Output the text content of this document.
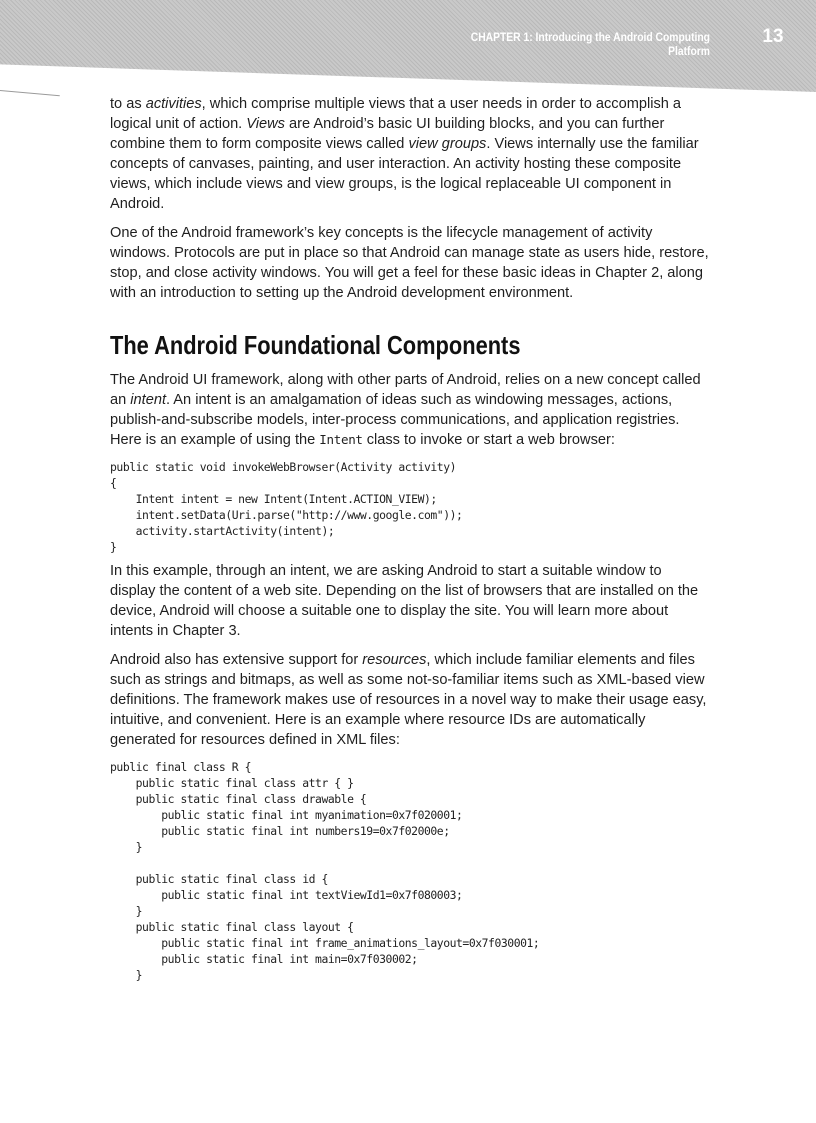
CHAPTER 1: Introducing the Android Computing Platform
13

to as activities, which comprise multiple views that a user needs in order to accomplish a logical unit of action. Views are Android’s basic UI building blocks, and you can further combine them to form composite views called view groups. Views internally use the familiar concepts of canvases, painting, and user interaction. An activity hosting these composite views, which include views and view groups, is the logical replaceable UI component in Android.

One of the Android framework’s key concepts is the lifecycle management of activity windows. Protocols are put in place so that Android can manage state as users hide, restore, stop, and close activity windows. You will get a feel for these basic ideas in Chapter 2, along with an introduction to setting up the Android development environment.

The Android Foundational Components

The Android UI framework, along with other parts of Android, relies on a new concept called an intent. An intent is an amalgamation of ideas such as windowing messages, actions, publish-and-subscribe models, inter-process communications, and application registries. Here is an example of using the Intent class to invoke or start a web browser:

public static void invokeWebBrowser(Activity activity)
{
Intent intent = new Intent(Intent.ACTION_VIEW);
intent.setData(Uri.parse("http://www.google.com"));
activity.startActivity(intent);
}

In this example, through an intent, we are asking Android to start a suitable window to display the content of a web site. Depending on the list of browsers that are installed on the device, Android will choose a suitable one to display the site. You will learn more about intents in Chapter 3.

Android also has extensive support for resources, which include familiar elements and files such as strings and bitmaps, as well as some not-so-familiar items such as XML-based view definitions. The framework makes use of resources in a novel way to make their usage easy, intuitive, and convenient. Here is an example where resource IDs are automatically generated for resources defined in XML files:

public final class R {
public static final class attr { }
public static final class drawable {
public static final int myanimation=0x7f020001;
public static final int numbers19=0x7f02000e;
}

public static final class id {
public static final int textViewId1=0x7f080003;
}
public static final class layout {
public static final int frame_animations_layout=0x7f030001;
public static final int main=0x7f030002;
}
